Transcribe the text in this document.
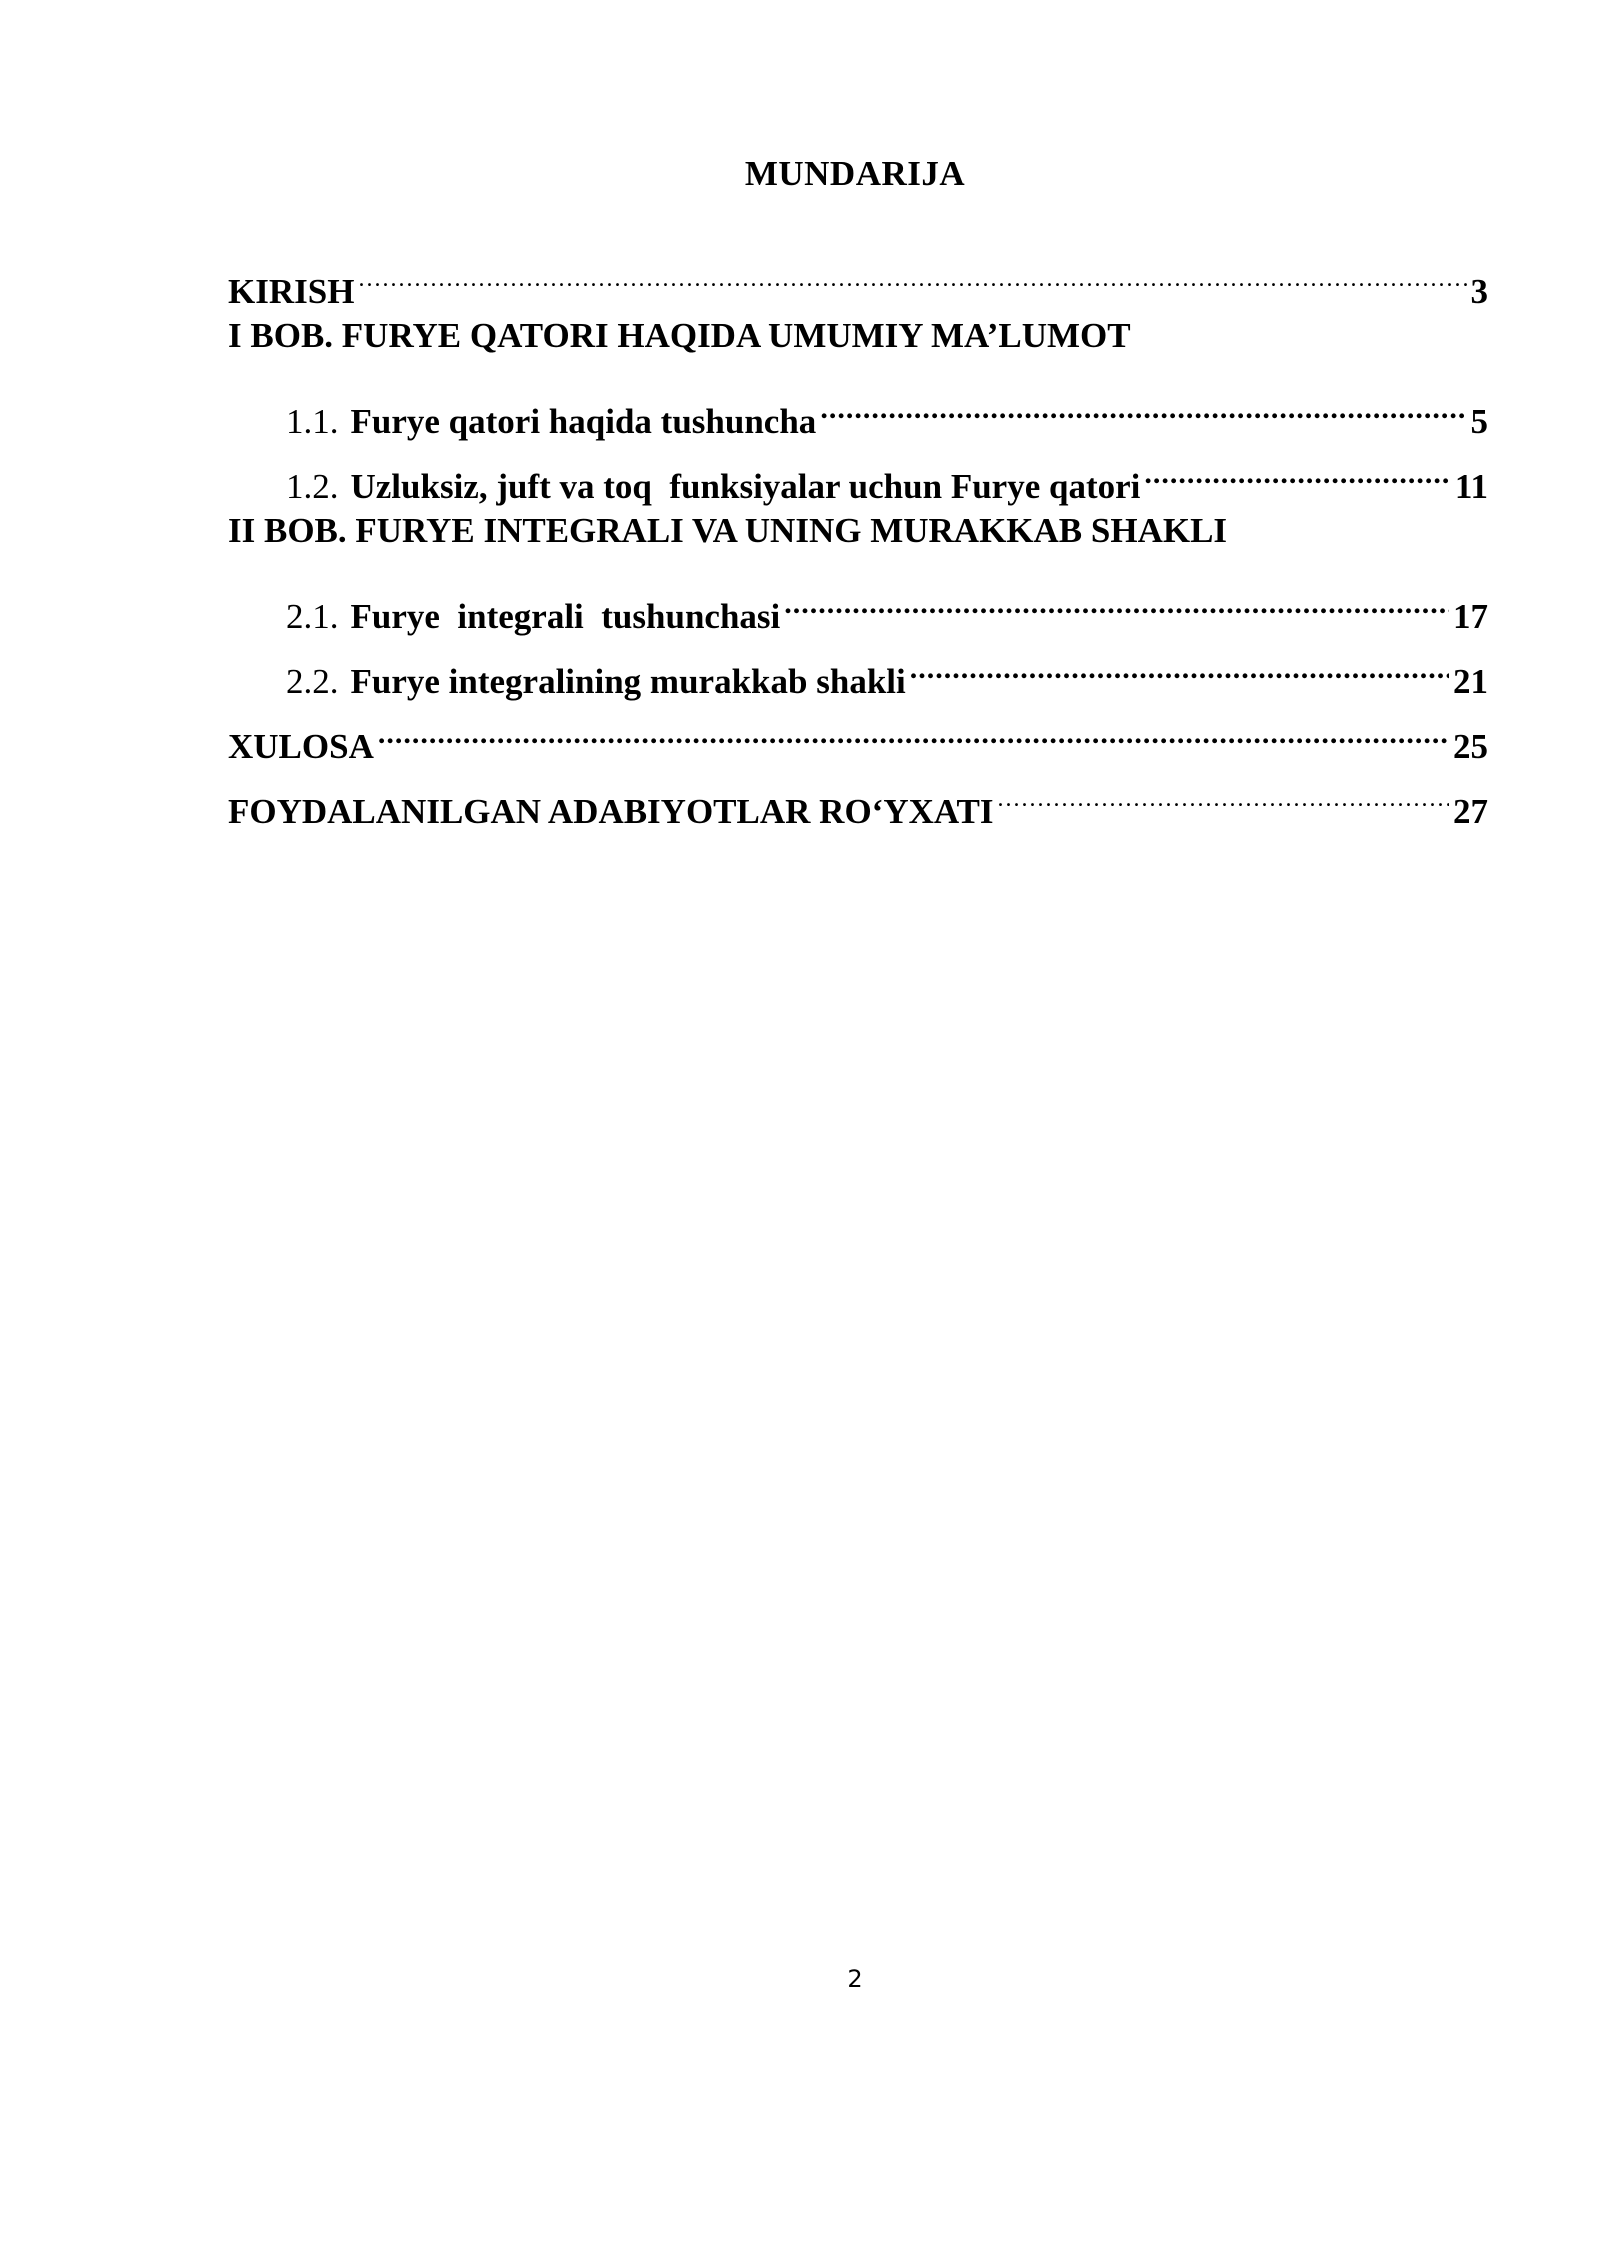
MUNDARIJA
KIRISH .....	3
I BOB. FURYE QATORI HAQIDA UMUMIY MA’LUMOT
1.1. Furye qatori haqida tushuncha .....	5
1.2. Uzluksiz, juft va toq  funksiyalar uchun Furye qatori .....	11
II BOB. FURYE INTEGRALI VA UNING MURAKKAB SHAKLI
2.1. Furye  integrali  tushunchasi .....	17
2.2. Furye integralining murakkab shakli .....	21
XULOSA .....	25
FOYDALANILGAN ADABIYOTLAR RO‘YXATI .....	27
2
